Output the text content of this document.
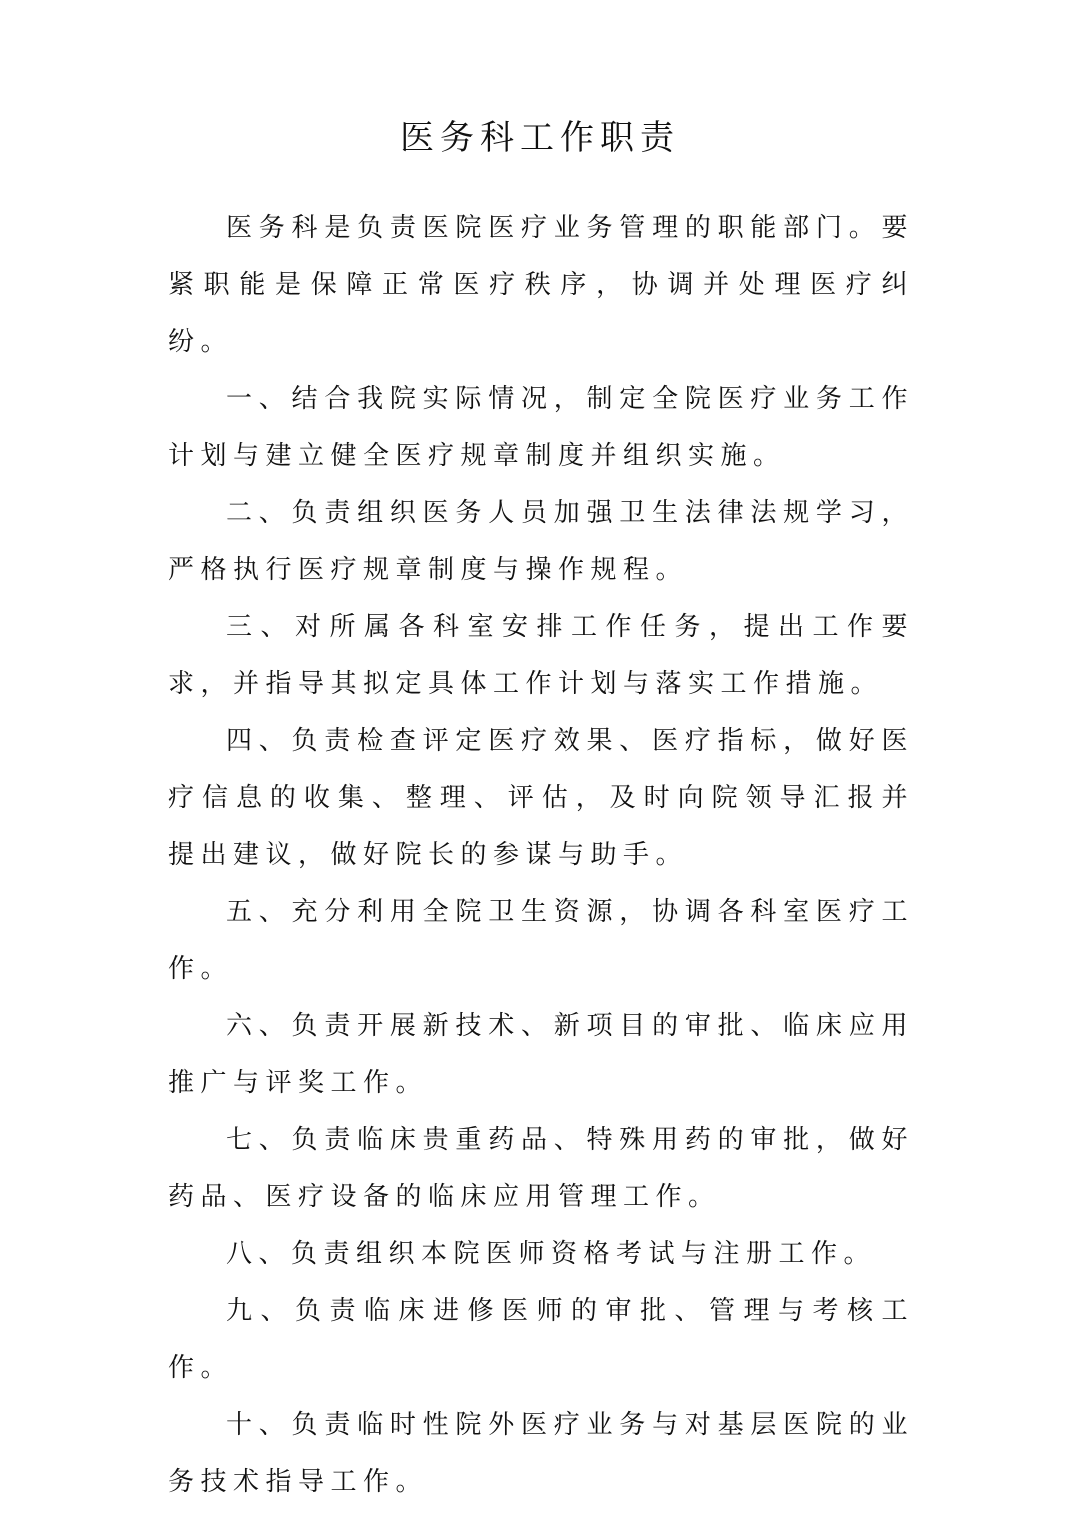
医务科工作职责

医务科是负责医院医疗业务管理的职能部门。要紧职能是保障正常医疗秩序，协调并处理医疗纠纷。

一、结合我院实际情况，制定全院医疗业务工作计划与建立健全医疗规章制度并组织实施。

二、负责组织医务人员加强卫生法律法规学习，严格执行医疗规章制度与操作规程。

三、对所属各科室安排工作任务，提出工作要求，并指导其拟定具体工作计划与落实工作措施。

四、负责检查评定医疗效果、医疗指标，做好医疗信息的收集、整理、评估，及时向院领导汇报并提出建议，做好院长的参谋与助手。

五、充分利用全院卫生资源，协调各科室医疗工作。

六、负责开展新技术、新项目的审批、临床应用推广与评奖工作。

七、负责临床贵重药品、特殊用药的审批，做好药品、医疗设备的临床应用管理工作。

八、负责组织本院医师资格考试与注册工作。

九、负责临床进修医师的审批、管理与考核工作。

十、负责临时性院外医疗业务与对基层医院的业务技术指导工作。
